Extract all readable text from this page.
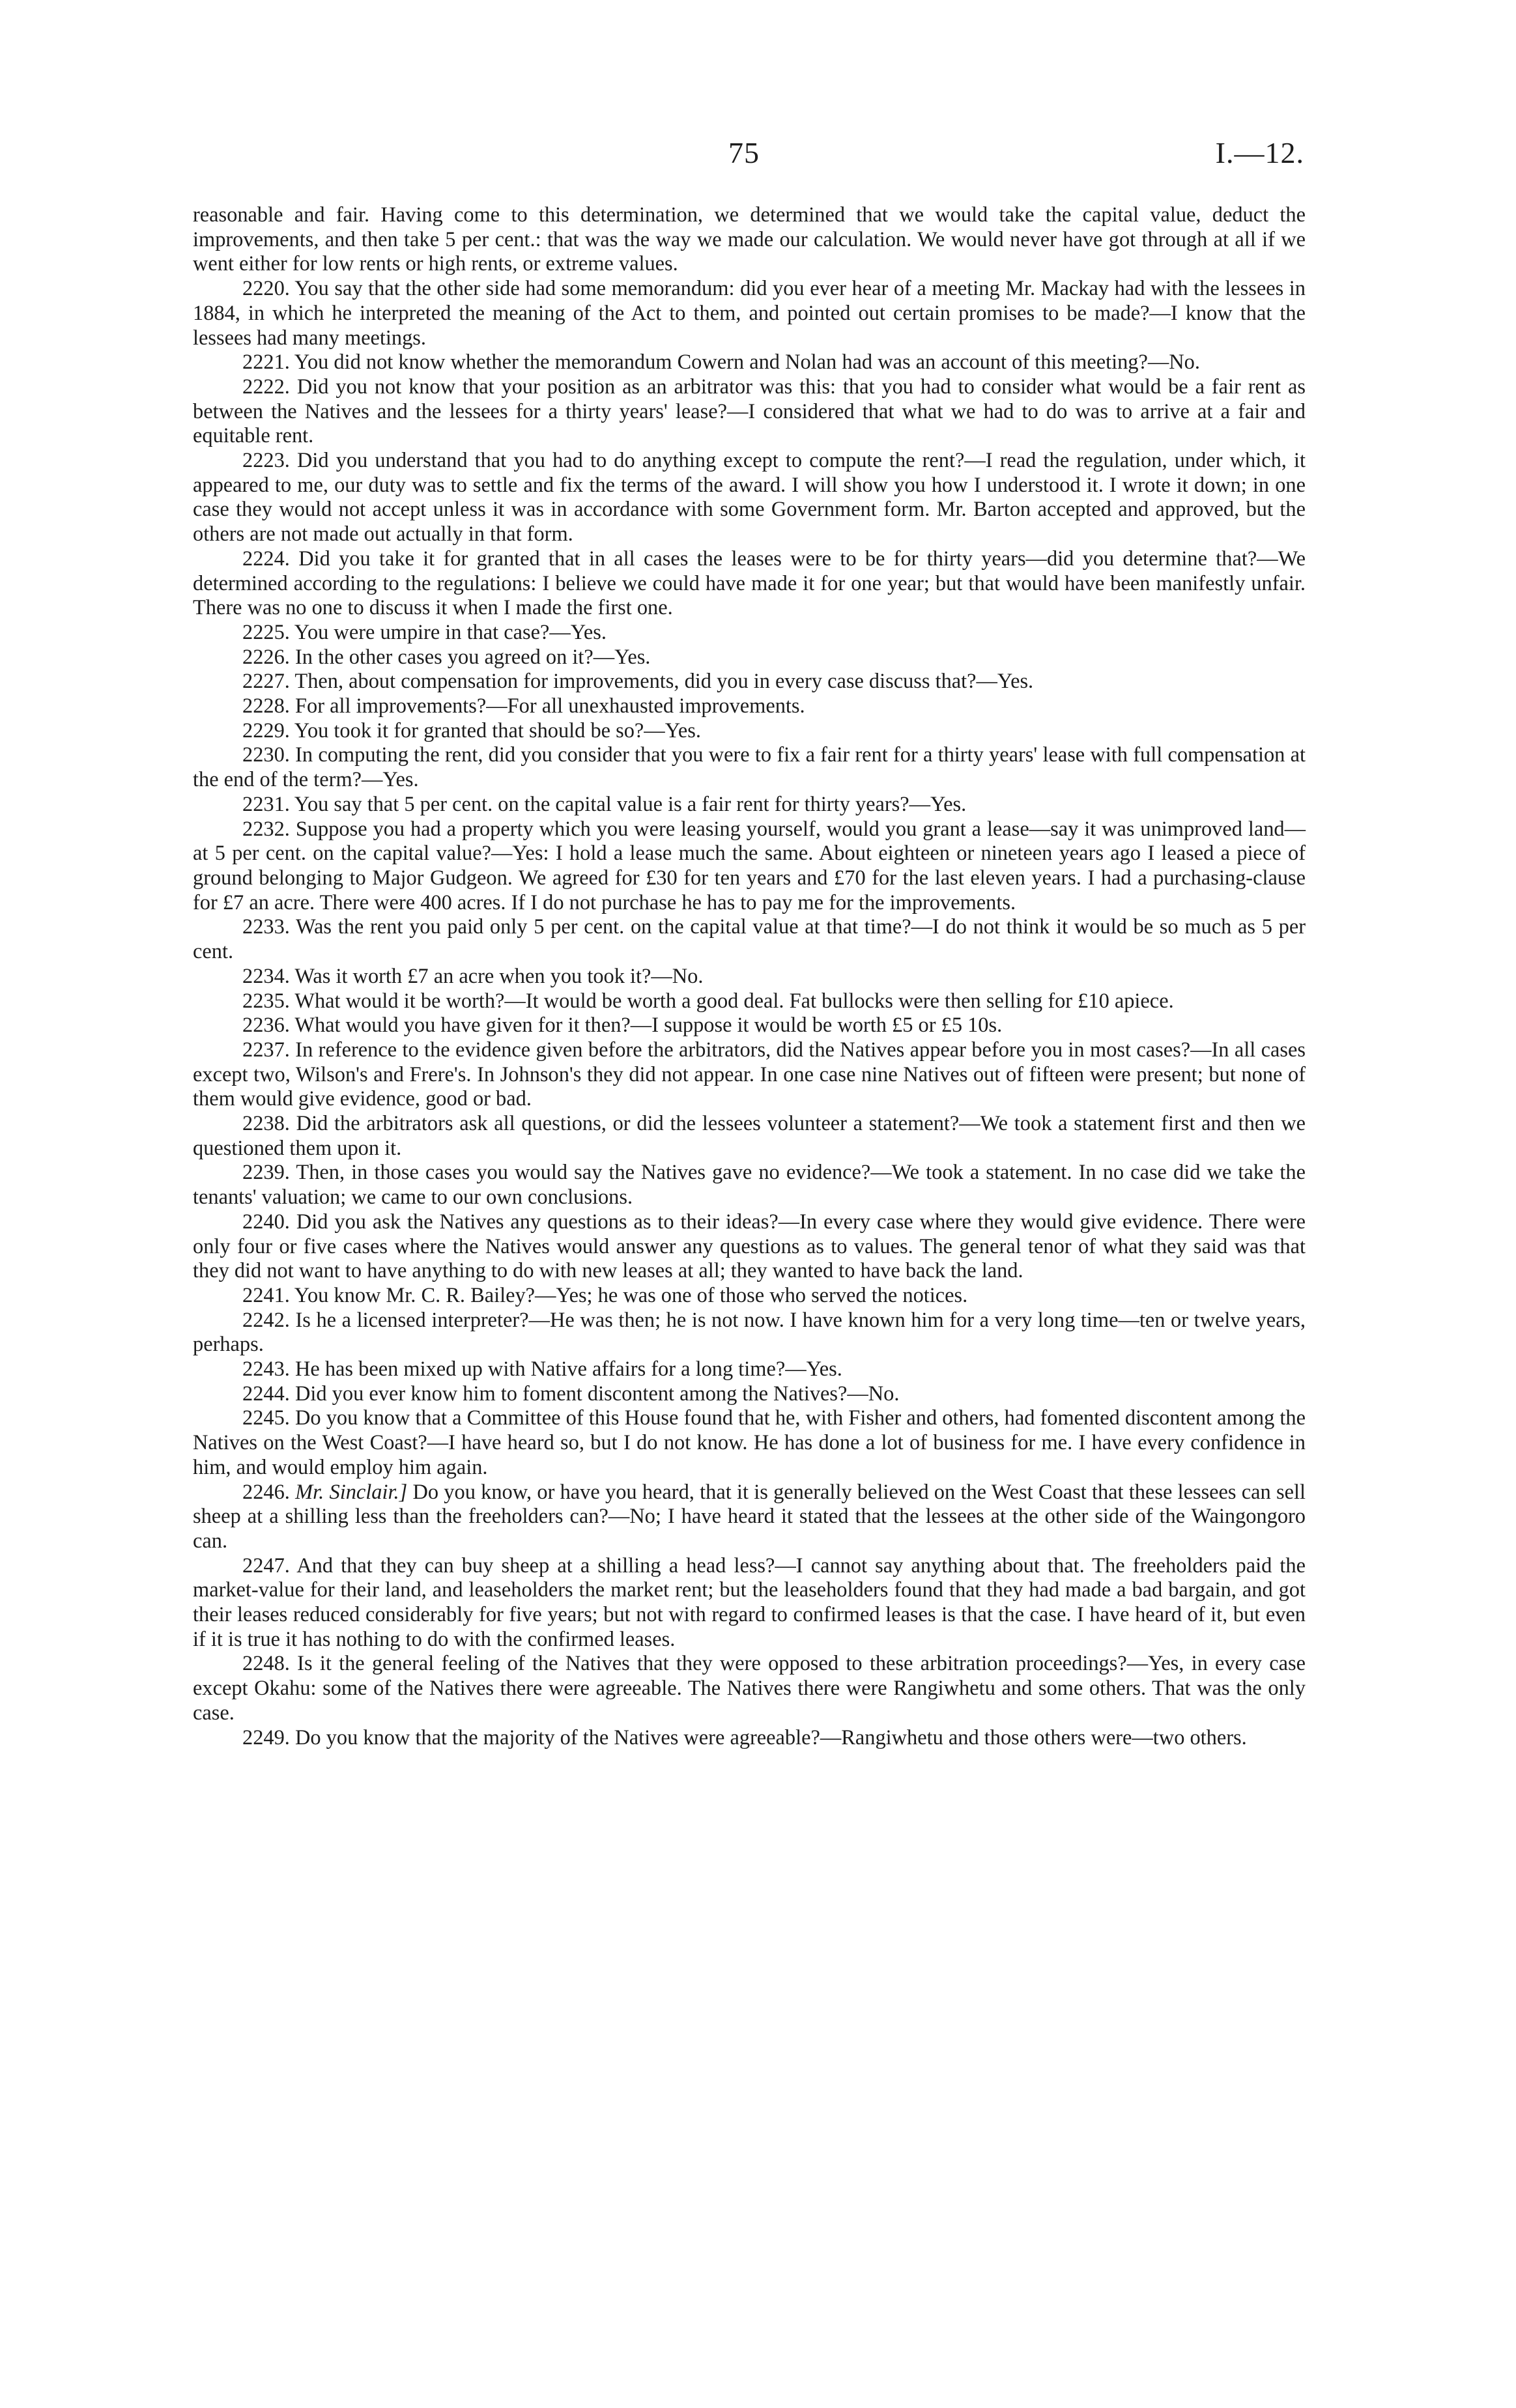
75	I.—12.

reasonable and fair. Having come to this determination, we determined that we would take the capital value, deduct the improvements, and then take 5 per cent.: that was the way we made our calculation. We would never have got through at all if we went either for low rents or high rents, or extreme values.

2220. You say that the other side had some memorandum: did you ever hear of a meeting Mr. Mackay had with the lessees in 1884, in which he interpreted the meaning of the Act to them, and pointed out certain promises to be made?—I know that the lessees had many meetings.

2221. You did not know whether the memorandum Cowern and Nolan had was an account of this meeting?—No.

2222. Did you not know that your position as an arbitrator was this: that you had to consider what would be a fair rent as between the Natives and the lessees for a thirty years' lease?—I considered that what we had to do was to arrive at a fair and equitable rent.

2223. Did you understand that you had to do anything except to compute the rent?—I read the regulation, under which, it appeared to me, our duty was to settle and fix the terms of the award. I will show you how I understood it. I wrote it down; in one case they would not accept unless it was in accordance with some Government form. Mr. Barton accepted and approved, but the others are not made out actually in that form.

2224. Did you take it for granted that in all cases the leases were to be for thirty years—did you determine that?—We determined according to the regulations: I believe we could have made it for one year; but that would have been manifestly unfair. There was no one to discuss it when I made the first one.

2225. You were umpire in that case?—Yes.

2226. In the other cases you agreed on it?—Yes.

2227. Then, about compensation for improvements, did you in every case discuss that?—Yes.

2228. For all improvements?—For all unexhausted improvements.

2229. You took it for granted that should be so?—Yes.

2230. In computing the rent, did you consider that you were to fix a fair rent for a thirty years' lease with full compensation at the end of the term?—Yes.

2231. You say that 5 per cent. on the capital value is a fair rent for thirty years?—Yes.

2232. Suppose you had a property which you were leasing yourself, would you grant a lease—say it was unimproved land—at 5 per cent. on the capital value?—Yes: I hold a lease much the same. About eighteen or nineteen years ago I leased a piece of ground belonging to Major Gudgeon. We agreed for £30 for ten years and £70 for the last eleven years. I had a purchasing-clause for £7 an acre. There were 400 acres. If I do not purchase he has to pay me for the improvements.

2233. Was the rent you paid only 5 per cent. on the capital value at that time?—I do not think it would be so much as 5 per cent.

2234. Was it worth £7 an acre when you took it?—No.

2235. What would it be worth?—It would be worth a good deal. Fat bullocks were then selling for £10 apiece.

2236. What would you have given for it then?—I suppose it would be worth £5 or £5 10s.

2237. In reference to the evidence given before the arbitrators, did the Natives appear before you in most cases?—In all cases except two, Wilson's and Frere's. In Johnson's they did not appear. In one case nine Natives out of fifteen were present; but none of them would give evidence, good or bad.

2238. Did the arbitrators ask all questions, or did the lessees volunteer a statement?—We took a statement first and then we questioned them upon it.

2239. Then, in those cases you would say the Natives gave no evidence?—We took a statement. In no case did we take the tenants' valuation; we came to our own conclusions.

2240. Did you ask the Natives any questions as to their ideas?—In every case where they would give evidence. There were only four or five cases where the Natives would answer any questions as to values. The general tenor of what they said was that they did not want to have anything to do with new leases at all; they wanted to have back the land.

2241. You know Mr. C. R. Bailey?—Yes; he was one of those who served the notices.

2242. Is he a licensed interpreter?—He was then; he is not now. I have known him for a very long time—ten or twelve years, perhaps.

2243. He has been mixed up with Native affairs for a long time?—Yes.

2244. Did you ever know him to foment discontent among the Natives?—No.

2245. Do you know that a Committee of this House found that he, with Fisher and others, had fomented discontent among the Natives on the West Coast?—I have heard so, but I do not know. He has done a lot of business for me. I have every confidence in him, and would employ him again.

2246. Mr. Sinclair.] Do you know, or have you heard, that it is generally believed on the West Coast that these lessees can sell sheep at a shilling less than the freeholders can?—No; I have heard it stated that the lessees at the other side of the Waingongoro can.

2247. And that they can buy sheep at a shilling a head less?—I cannot say anything about that. The freeholders paid the market-value for their land, and leaseholders the market rent; but the leaseholders found that they had made a bad bargain, and got their leases reduced considerably for five years; but not with regard to confirmed leases is that the case. I have heard of it, but even if it is true it has nothing to do with the confirmed leases.

2248. Is it the general feeling of the Natives that they were opposed to these arbitration proceedings?—Yes, in every case except Okahu: some of the Natives there were agreeable. The Natives there were Rangiwhetu and some others. That was the only case.

2249. Do you know that the majority of the Natives were agreeable?—Rangiwhetu and those others were—two others.
